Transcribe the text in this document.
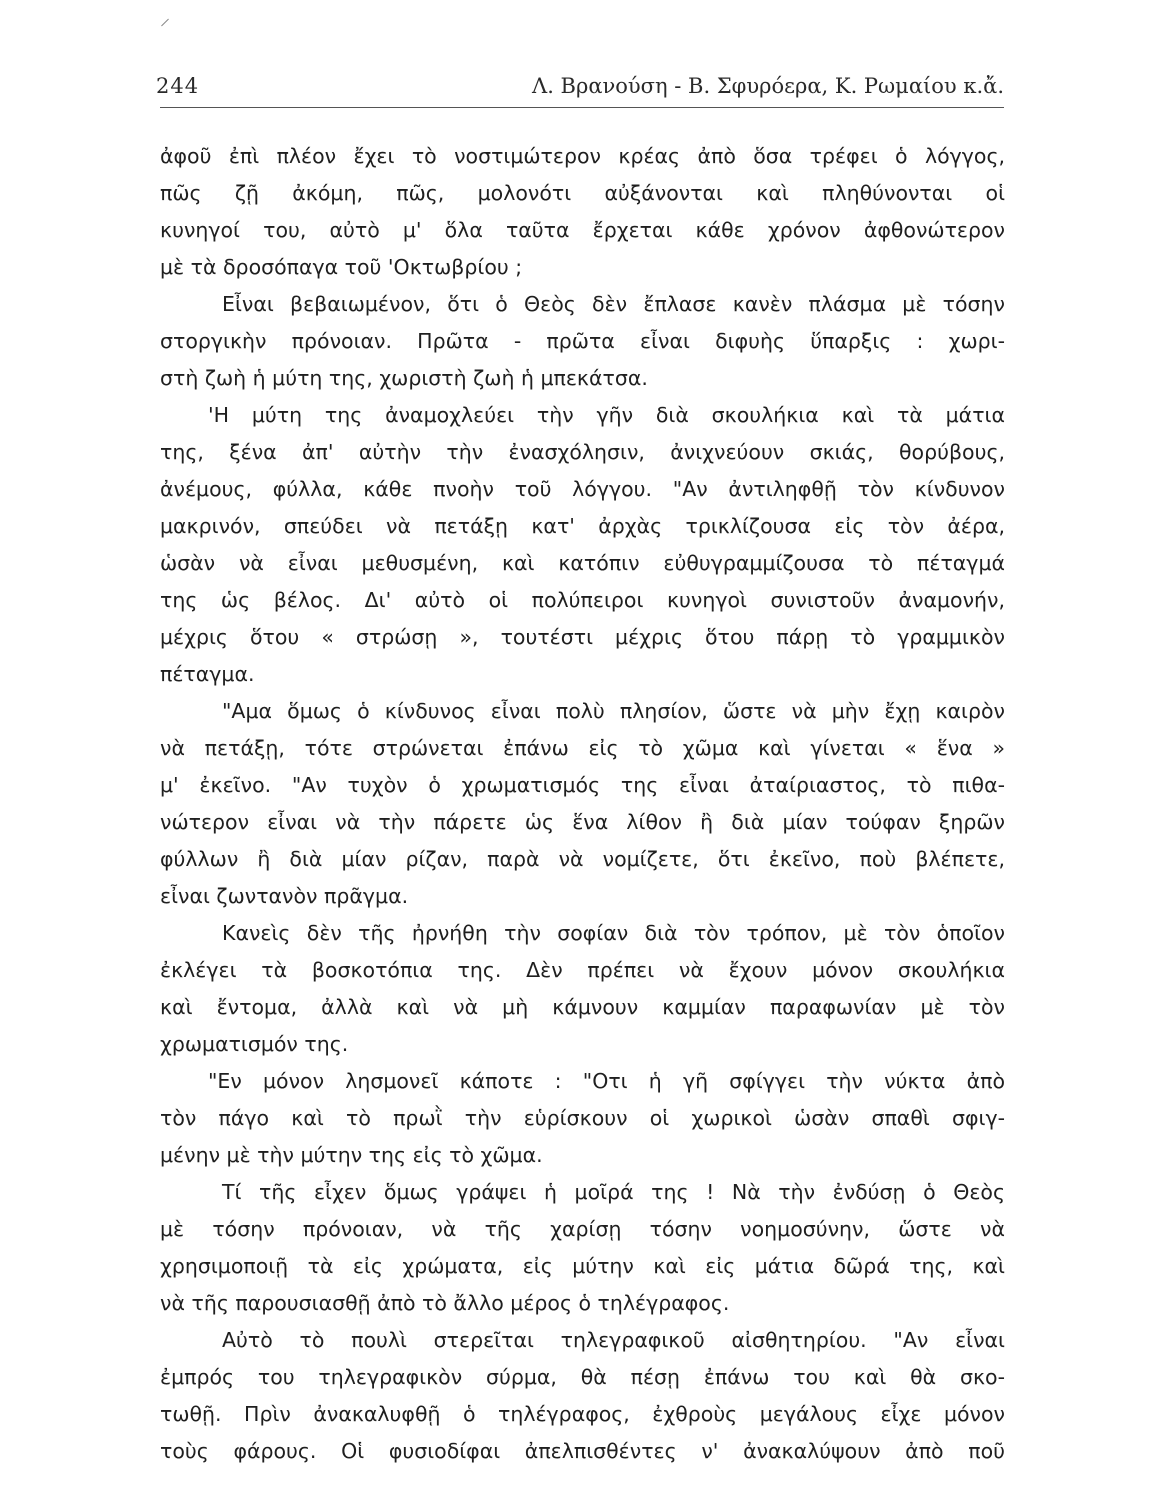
244	Λ. Βρανούση - Β. Σφυρόερα, Κ. Ρωμαίου κ.ἄ.
ἀφοῦ ἐπὶ πλέον ἔχει τὸ νοστιμώτερον κρέας ἀπὸ ὅσα τρέφει ὁ λόγγος,
πῶς ζῇ ἀκόμη, πῶς, μολονότι αὐξάνονται καὶ πληθύνονται οἱ
κυνηγοί του, αὐτὸ μ' ὅλα ταῦτα ἔρχεται κάθε χρόνον ἀφθονώτερον
μὲ τὰ δροσόπαγα τοῦ 'Οκτωβρίου ;
Εἶναι βεβαιωμένον, ὅτι ὁ Θεὸς δὲν ἔπλασε κανὲν πλάσμα μὲ τόσην
στοργικὴν πρόνοιαν. Πρῶτα - πρῶτα εἶναι διφυὴς ὕπαρξις : χωρι-
στὴ ζωὴ ἡ μύτη της, χωριστὴ ζωὴ ἡ μπεκάτσα.
'Η μύτη της ἀναμοχλεύει τὴν γῆν διὰ σκουλήκια καὶ τὰ μάτια
της, ξένα ἀπ' αὐτὴν τὴν ἐνασχόλησιν, ἀνιχνεύουν σκιάς, θορύβους,
ἀνέμους, φύλλα, κάθε πνοὴν τοῦ λόγγου. "Αν ἀντιληφθῇ τὸν κίνδυνον
μακρινόν, σπεύδει νὰ πετάξῃ κατ' ἀρχὰς τρικλίζουσα εἰς τὸν ἀέρα,
ὡσὰν νὰ εἶναι μεθυσμένη, καὶ κατόπιν εὐθυγραμμίζουσα τὸ πέταγμά
της ὡς βέλος. Δι' αὐτὸ οἱ πολύπειροι κυνηγοὶ συνιστοῦν ἀναμονήν,
μέχρις ὅτου « στρώσῃ », τουτέστι μέχρις ὅτου πάρῃ τὸ γραμμικὸν
πέταγμα.
"Αμα ὅμως ὁ κίνδυνος εἶναι πολὺ πλησίον, ὥστε νὰ μὴν ἔχῃ καιρὸν
νὰ πετάξῃ, τότε στρώνεται ἐπάνω εἰς τὸ χῶμα καὶ γίνεται « ἕνα »
μ' ἐκεῖνο. "Αν τυχὸν ὁ χρωματισμός της εἶναι ἀταίριαστος, τὸ πιθα-
νώτερον εἶναι νὰ τὴν πάρετε ὡς ἕνα λίθον ἢ διὰ μίαν τούφαν ξηρῶν
φύλλων ἢ διὰ μίαν ρίζαν, παρὰ νὰ νομίζετε, ὅτι ἐκεῖνο, ποὺ βλέπετε,
εἶναι ζωντανὸν πρᾶγμα.
Κανεὶς δὲν τῆς ἠρνήθη τὴν σοφίαν διὰ τὸν τρόπον, μὲ τὸν ὁποῖον
ἐκλέγει τὰ βοσκοτόπια της. Δὲν πρέπει νὰ ἔχουν μόνον σκουλήκια
καὶ ἔντομα, ἀλλὰ καὶ νὰ μὴ κάμνουν καμμίαν παραφωνίαν μὲ τὸν
χρωματισμόν της.
"Εν μόνον λησμονεῖ κάποτε : "Οτι ἡ γῆ σφίγγει τὴν νύκτα ἀπὸ
τὸν πάγο καὶ τὸ πρωῒ τὴν εὑρίσκουν οἱ χωρικοὶ ὡσὰν σπαθὶ σφιγ-
μένην μὲ τὴν μύτην της εἰς τὸ χῶμα.
Τί τῆς εἶχεν ὅμως γράψει ἡ μοῖρά της ! Νὰ τὴν ἐνδύσῃ ὁ Θεὸς
μὲ τόσην πρόνοιαν, νὰ τῆς χαρίσῃ τόσην νοημοσύνην, ὥστε νὰ
χρησιμοποιῇ τὰ εἰς χρώματα, εἰς μύτην καὶ εἰς μάτια δῶρά της, καὶ
νὰ τῆς παρουσιασθῇ ἀπὸ τὸ ἄλλο μέρος ὁ τηλέγραφος.
Αὐτὸ τὸ πουλὶ στερεῖται τηλεγραφικοῦ αἰσθητηρίου. "Αν εἶναι
ἐμπρός του τηλεγραφικὸν σύρμα, θὰ πέσῃ ἐπάνω του καὶ θὰ σκο-
τωθῇ. Πρὶν ἀνακαλυφθῇ ὁ τηλέγραφος, ἐχθροὺς μεγάλους εἶχε μόνον
τοὺς φάρους. Οἱ φυσιοδίφαι ἀπελπισθέντες ν' ἀνακαλύψουν ἀπὸ ποῦ
